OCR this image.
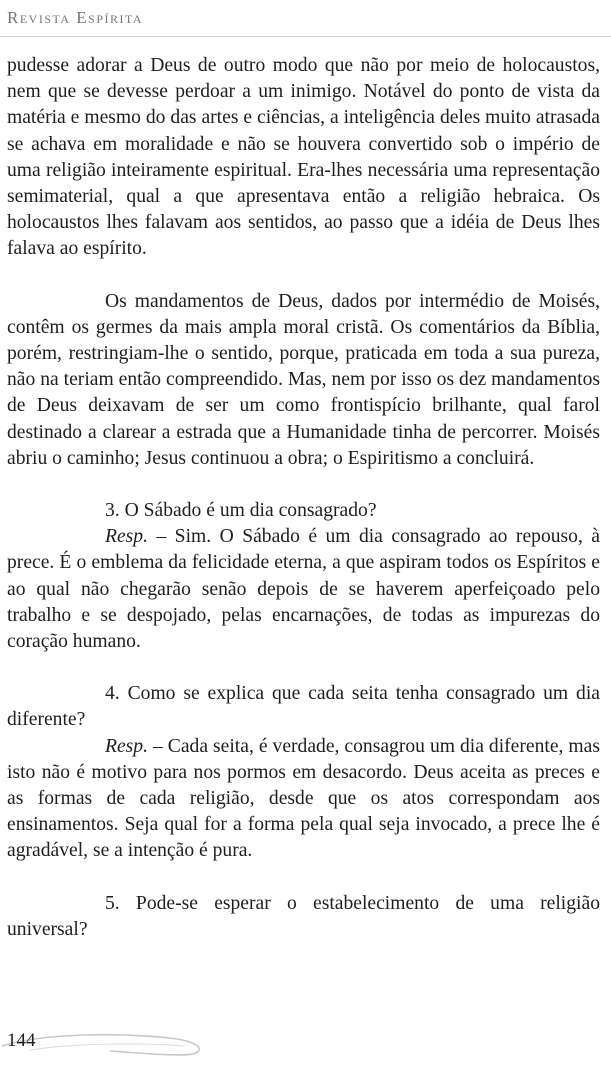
Revista Espírita

pudesse adorar a Deus de outro modo que não por meio de holocaustos, nem que se devesse perdoar a um inimigo. Notável do ponto de vista da matéria e mesmo do das artes e ciências, a inteligência deles muito atrasada se achava em moralidade e não se houvera convertido sob o império de uma religião inteiramente espiritual. Era-lhes necessária uma representação semimaterial, qual a que apresentava então a religião hebraica. Os holocaustos lhes falavam aos sentidos, ao passo que a idéia de Deus lhes falava ao espírito.

Os mandamentos de Deus, dados por intermédio de Moisés, contêm os germes da mais ampla moral cristã. Os comentários da Bíblia, porém, restringiam-lhe o sentido, porque, praticada em toda a sua pureza, não na teriam então compreendido. Mas, nem por isso os dez mandamentos de Deus deixavam de ser um como frontispício brilhante, qual farol destinado a clarear a estrada que a Humanidade tinha de percorrer. Moisés abriu o caminho; Jesus continuou a obra; o Espiritismo a concluirá.

3. O Sábado é um dia consagrado?

Resp. – Sim. O Sábado é um dia consagrado ao repouso, à prece. É o emblema da felicidade eterna, a que aspiram todos os Espíritos e ao qual não chegarão senão depois de se haverem aperfeiçoado pelo trabalho e se despojado, pelas encarnações, de todas as impurezas do coração humano.

4. Como se explica que cada seita tenha consagrado um dia diferente?

Resp. – Cada seita, é verdade, consagrou um dia diferente, mas isto não é motivo para nos pormos em desacordo. Deus aceita as preces e as formas de cada religião, desde que os atos correspondam aos ensinamentos. Seja qual for a forma pela qual seja invocado, a prece lhe é agradável, se a intenção é pura.

5. Pode-se esperar o estabelecimento de uma religião universal?

144
